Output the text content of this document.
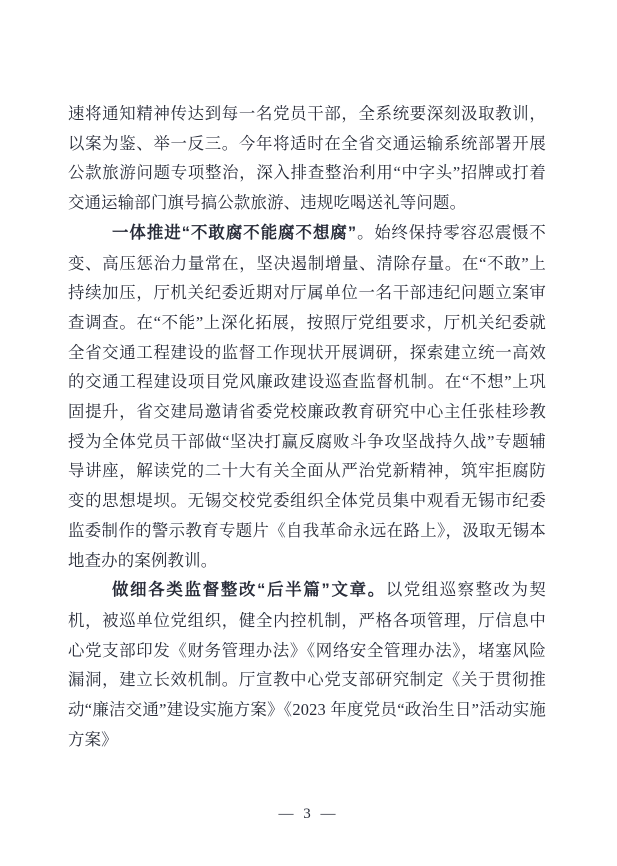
速将通知精神传达到每一名党员干部，全系统要深刻汲取教训，以案为鉴、举一反三。今年将适时在全省交通运输系统部署开展公款旅游问题专项整治，深入排查整治利用“中字头”招牌或打着交通运输部门旗号搞公款旅游、违规吃喝送礼等问题。

一体推进“不敢腐不能腐不想腐”。始终保持零容忍震慑不变、高压惩治力量常在，坚决遏制增量、清除存量。在“不敢”上持续加压，厅机关纪委近期对厅属单位一名干部违纪问题立案审查调查。在“不能”上深化拓展，按照厅党组要求，厅机关纪委就全省交通工程建设的监督工作现状开展调研，探索建立统一高效的交通工程建设项目党风廉政建设巡查监督机制。在“不想”上巩固提升，省交建局邀请省委党校廉政教育研究中心主任张桂珍教授为全体党员干部做“坚决打赢反腐败斗争攻坚战持久战”专题辅导讲座，解读党的二十大有关全面从严治党新精神，筑牢拒腐防变的思想堤坝。无锡交校党委组织全体党员集中观看无锡市纪委监委制作的警示教育专题片《自我革命永远在路上》，汲取无锡本地查办的案例教训。

做细各类监督整改“后半篇”文章。以党组巡察整改为契机，被巡单位党组织，健全内控机制，严格各项管理，厅信息中心党支部印发《财务管理办法》《网络安全管理办法》，堵塞风险漏洞，建立长效机制。厅宣教中心党支部研究制定《关于贯彻推动“廉洁交通”建设实施方案》《2023 年度党员“政治生日”活动实施方案》

— 3 —
